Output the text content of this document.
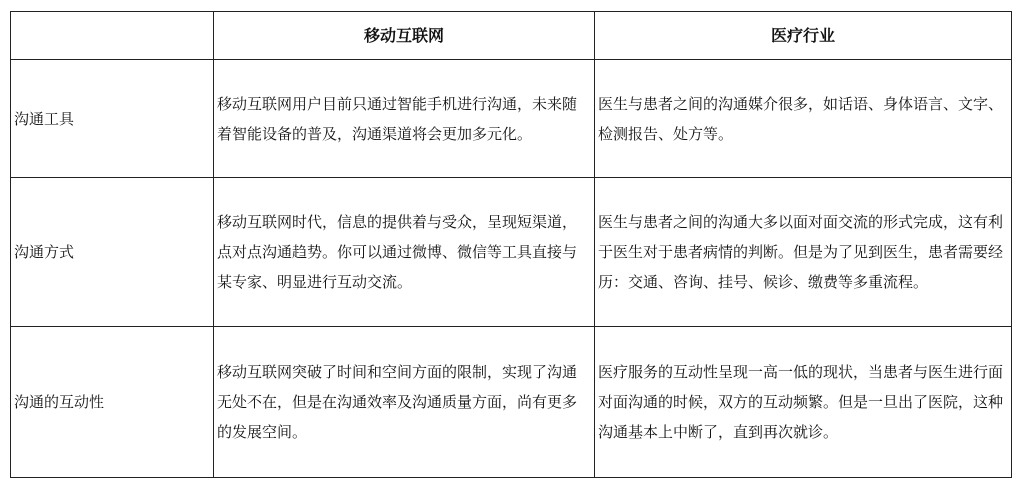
	移动互联网	医疗行业
沟通工具	移动互联网用户目前只通过智能手机进行沟通，未来随着智能设备的普及，沟通渠道将会更加多元化。	医生与患者之间的沟通媒介很多，如话语、身体语言、文字、检测报告、处方等。
沟通方式	移动互联网时代，信息的提供着与受众，呈现短渠道，点对点沟通趋势。你可以通过微博、微信等工具直接与某专家、明显进行互动交流。	医生与患者之间的沟通大多以面对面交流的形式完成，这有利于医生对于患者病情的判断。但是为了见到医生，患者需要经历：交通、咨询、挂号、候诊、缴费等多重流程。
沟通的互动性	移动互联网突破了时间和空间方面的限制，实现了沟通无处不在，但是在沟通效率及沟通质量方面，尚有更多的发展空间。	医疗服务的互动性呈现一高一低的现状，当患者与医生进行面对面沟通的时候，双方的互动频繁。但是一旦出了医院，这种沟通基本上中断了，直到再次就诊。
